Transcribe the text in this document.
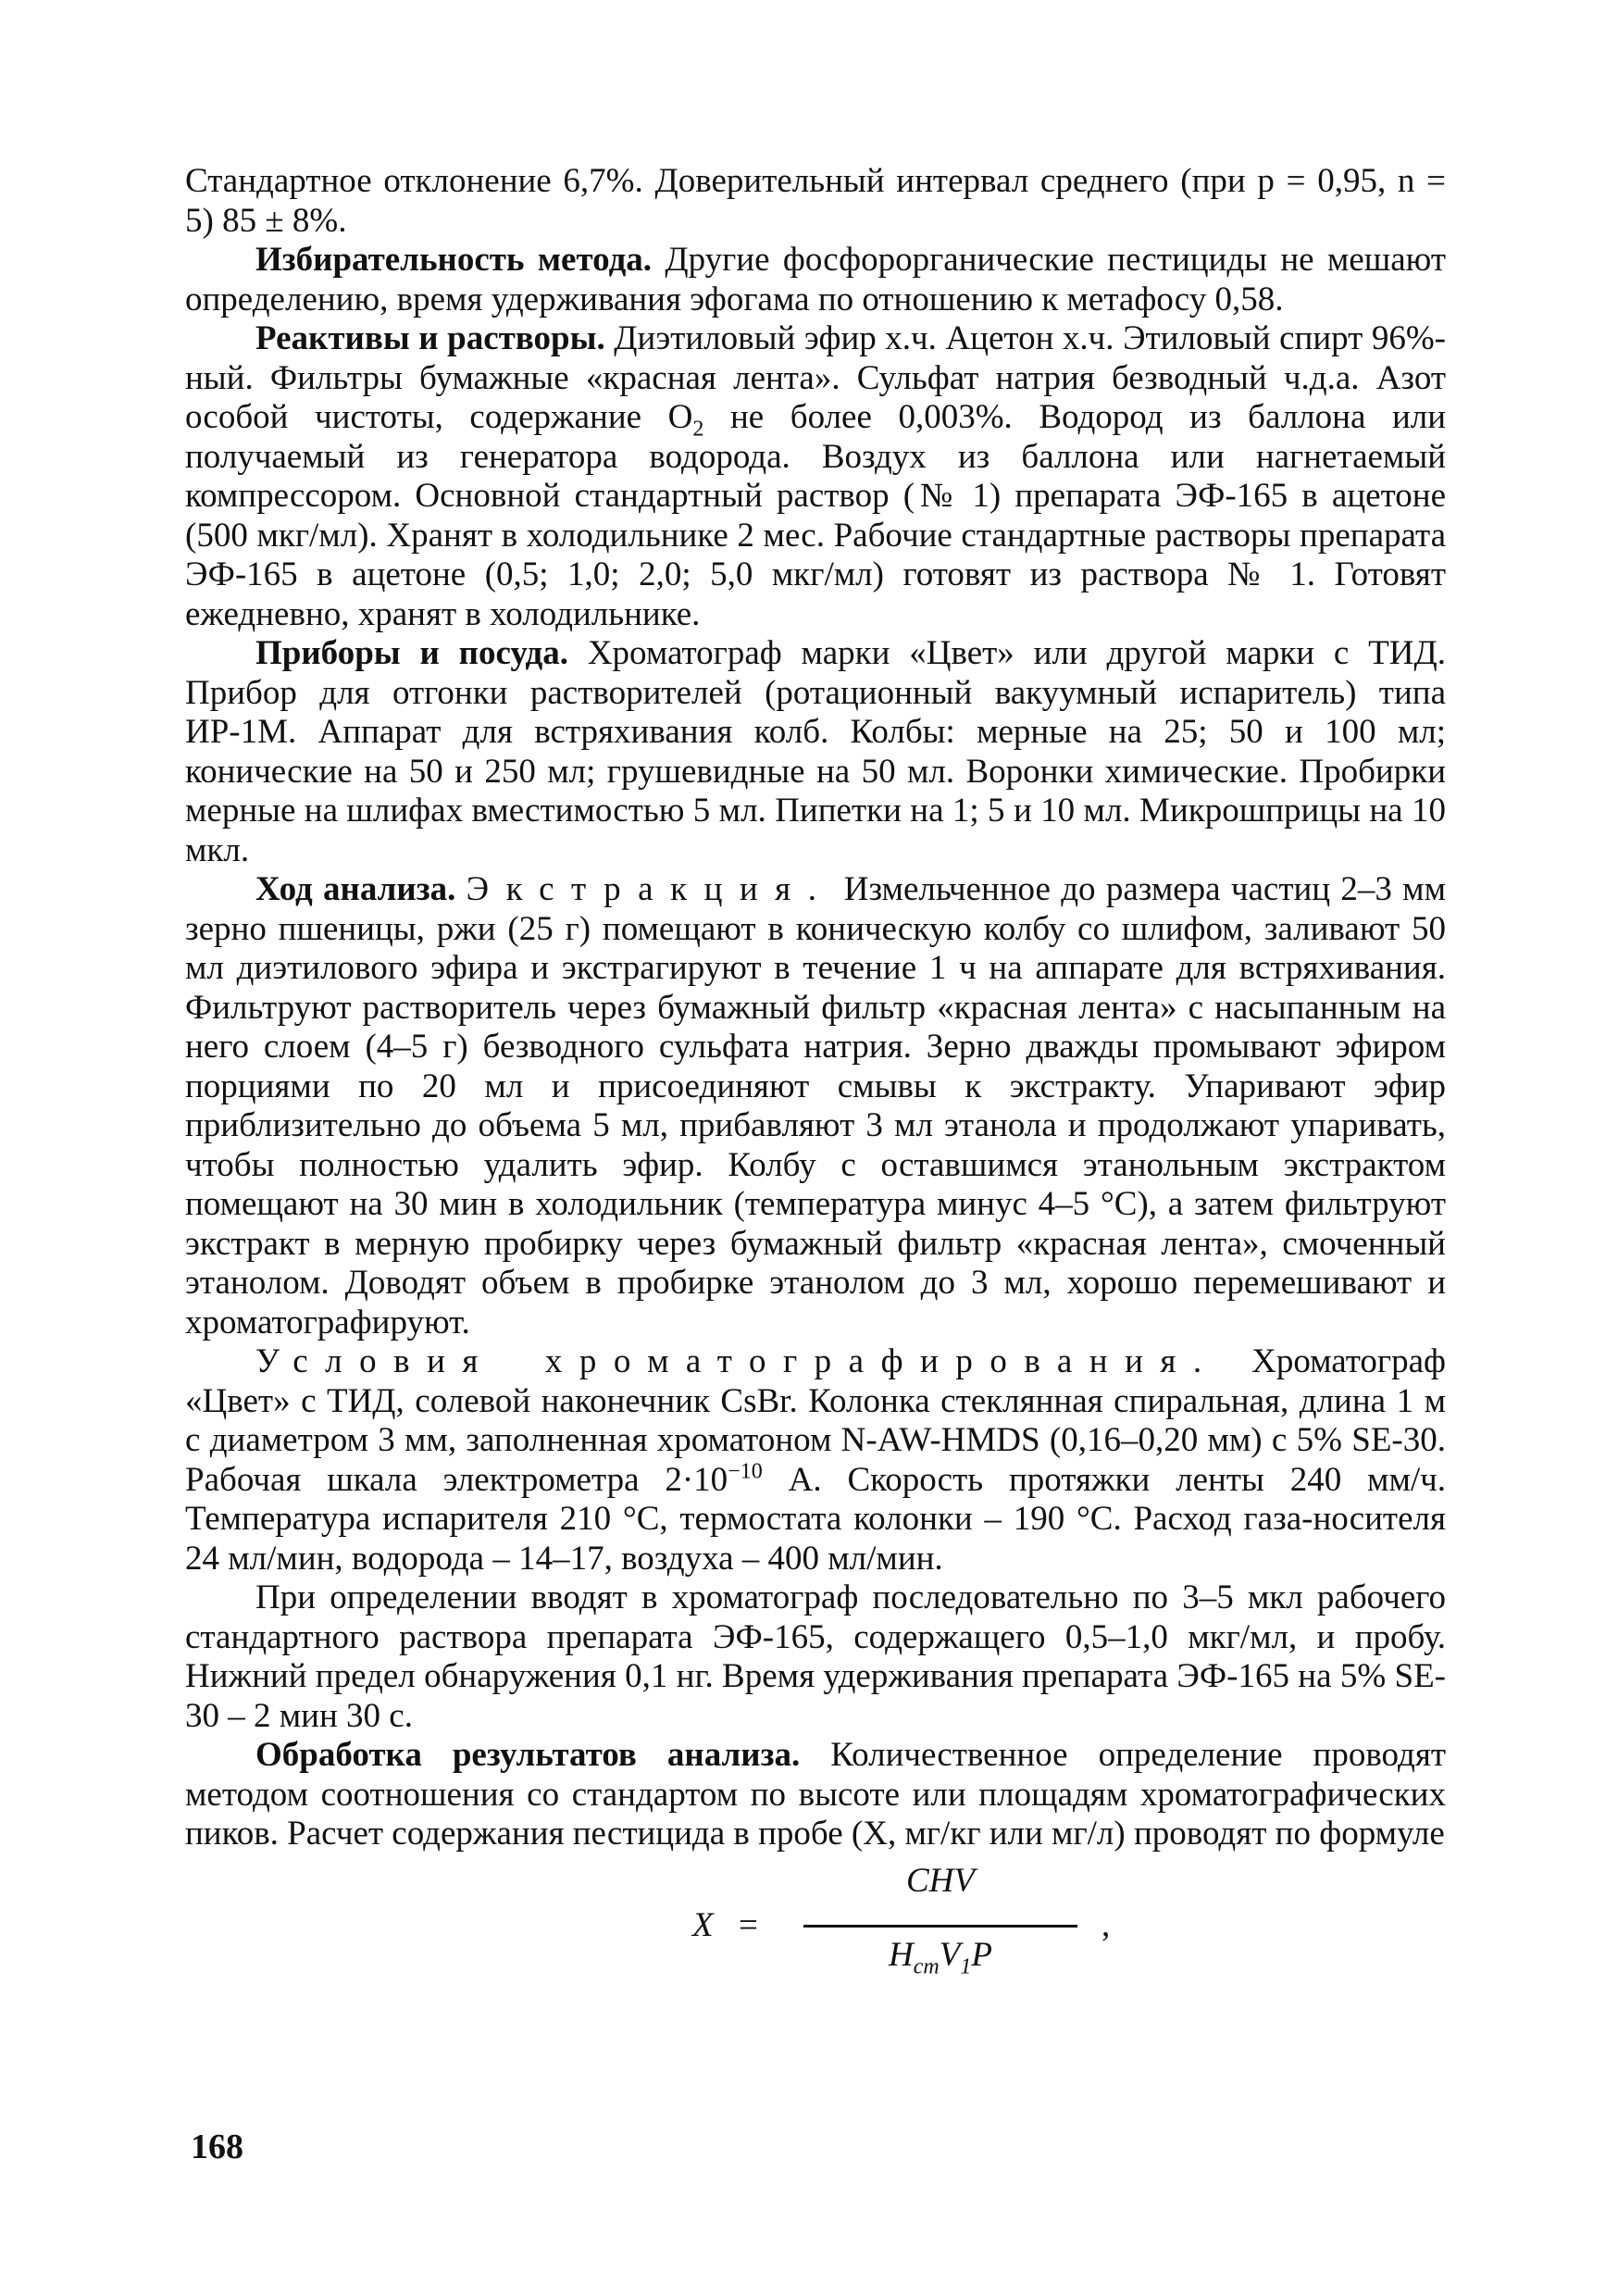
Стандартное отклонение 6,7%. Доверительный интервал среднего (при p = 0,95, n = 5) 85 ± 8%.

Избирательность метода. Другие фосфорорганические пестициды не мешают определению, время удерживания эфогама по отношению к метафосу 0,58.

Реактивы и растворы. Диэтиловый эфир х.ч. Ацетон х.ч. Этиловый спирт 96%-ный. Фильтры бумажные «красная лента». Сульфат натрия безводный ч.д.а. Азот особой чистоты, содержание $O_2$ не более 0,003%. Водород из баллона или получаемый из генератора водорода. Воздух из баллона или нагнетаемый компрессором. Основной стандартный раствор (№ 1) препарата ЭФ-165 в ацетоне (500 мкг/мл). Хранят в холодильнике 2 мес. Рабочие стандартные растворы препарата ЭФ-165 в ацетоне (0,5; 1,0; 2,0; 5,0 мкг/мл) готовят из раствора № 1. Готовят ежедневно, хранят в холодильнике.

Приборы и посуда. Хроматограф марки «Цвет» или другой марки с ТИД. Прибор для отгонки растворителей (ротационный вакуумный испаритель) типа ИР-1М. Аппарат для встряхивания колб. Колбы: мерные на 25; 50 и 100 мл; конические на 50 и 250 мл; грушевидные на 50 мл. Воронки химические. Пробирки мерные на шлифах вместимостью 5 мл. Пипетки на 1; 5 и 10 мл. Микрошприцы на 10 мкл.

Ход анализа. Экстракция. Измельченное до размера частиц 2–3 мм зерно пшеницы, ржи (25 г) помещают в коническую колбу со шлифом, заливают 50 мл диэтилового эфира и экстрагируют в течение 1 ч на аппарате для встряхивания. Фильтруют растворитель через бумажный фильтр «красная лента» с насыпанным на него слоем (4–5 г) безводного сульфата натрия. Зерно дважды промывают эфиром порциями по 20 мл и присоединяют смывы к экстракту. Упаривают эфир приблизительно до объема 5 мл, прибавляют 3 мл этанола и продолжают упаривать, чтобы полностью удалить эфир. Колбу с оставшимся этанольным экстрактом помещают на 30 мин в холодильник (температура минус 4–5 °С), а затем фильтруют экстракт в мерную пробирку через бумажный фильтр «красная лента», смоченный этанолом. Доводят объем в пробирке этанолом до 3 мл, хорошо перемешивают и хроматографируют.

Условия хроматографирования. Хроматограф «Цвет» с ТИД, солевой наконечник CsBr. Колонка стеклянная спиральная, длина 1 м с диаметром 3 мм, заполненная хроматоном N-AW-HMDS (0,16–0,20 мм) с 5% SE-30. Рабочая шкала электрометра $2\cdot 10^{-10}$ А. Скорость протяжки ленты 240 мм/ч. Температура испарителя 210 °С, термостата колонки – 190 °С. Расход газа-носителя 24 мл/мин, водорода – 14–17, воздуха – 400 мл/мин.

При определении вводят в хроматограф последовательно по 3–5 мкл рабочего стандартного раствора препарата ЭФ-165, содержащего 0,5–1,0 мкг/мл, и пробу. Нижний предел обнаружения 0,1 нг. Время удерживания препарата ЭФ-165 на 5% SE-30 – 2 мин 30 с.

Обработка результатов анализа. Количественное определение проводят методом соотношения со стандартом по высоте или площадям хроматографических пиков. Расчет содержания пестицида в пробе (X, мг/кг или мг/л) проводят по формуле

X =
CHV
$H_{ст}V_1P$
,
168
